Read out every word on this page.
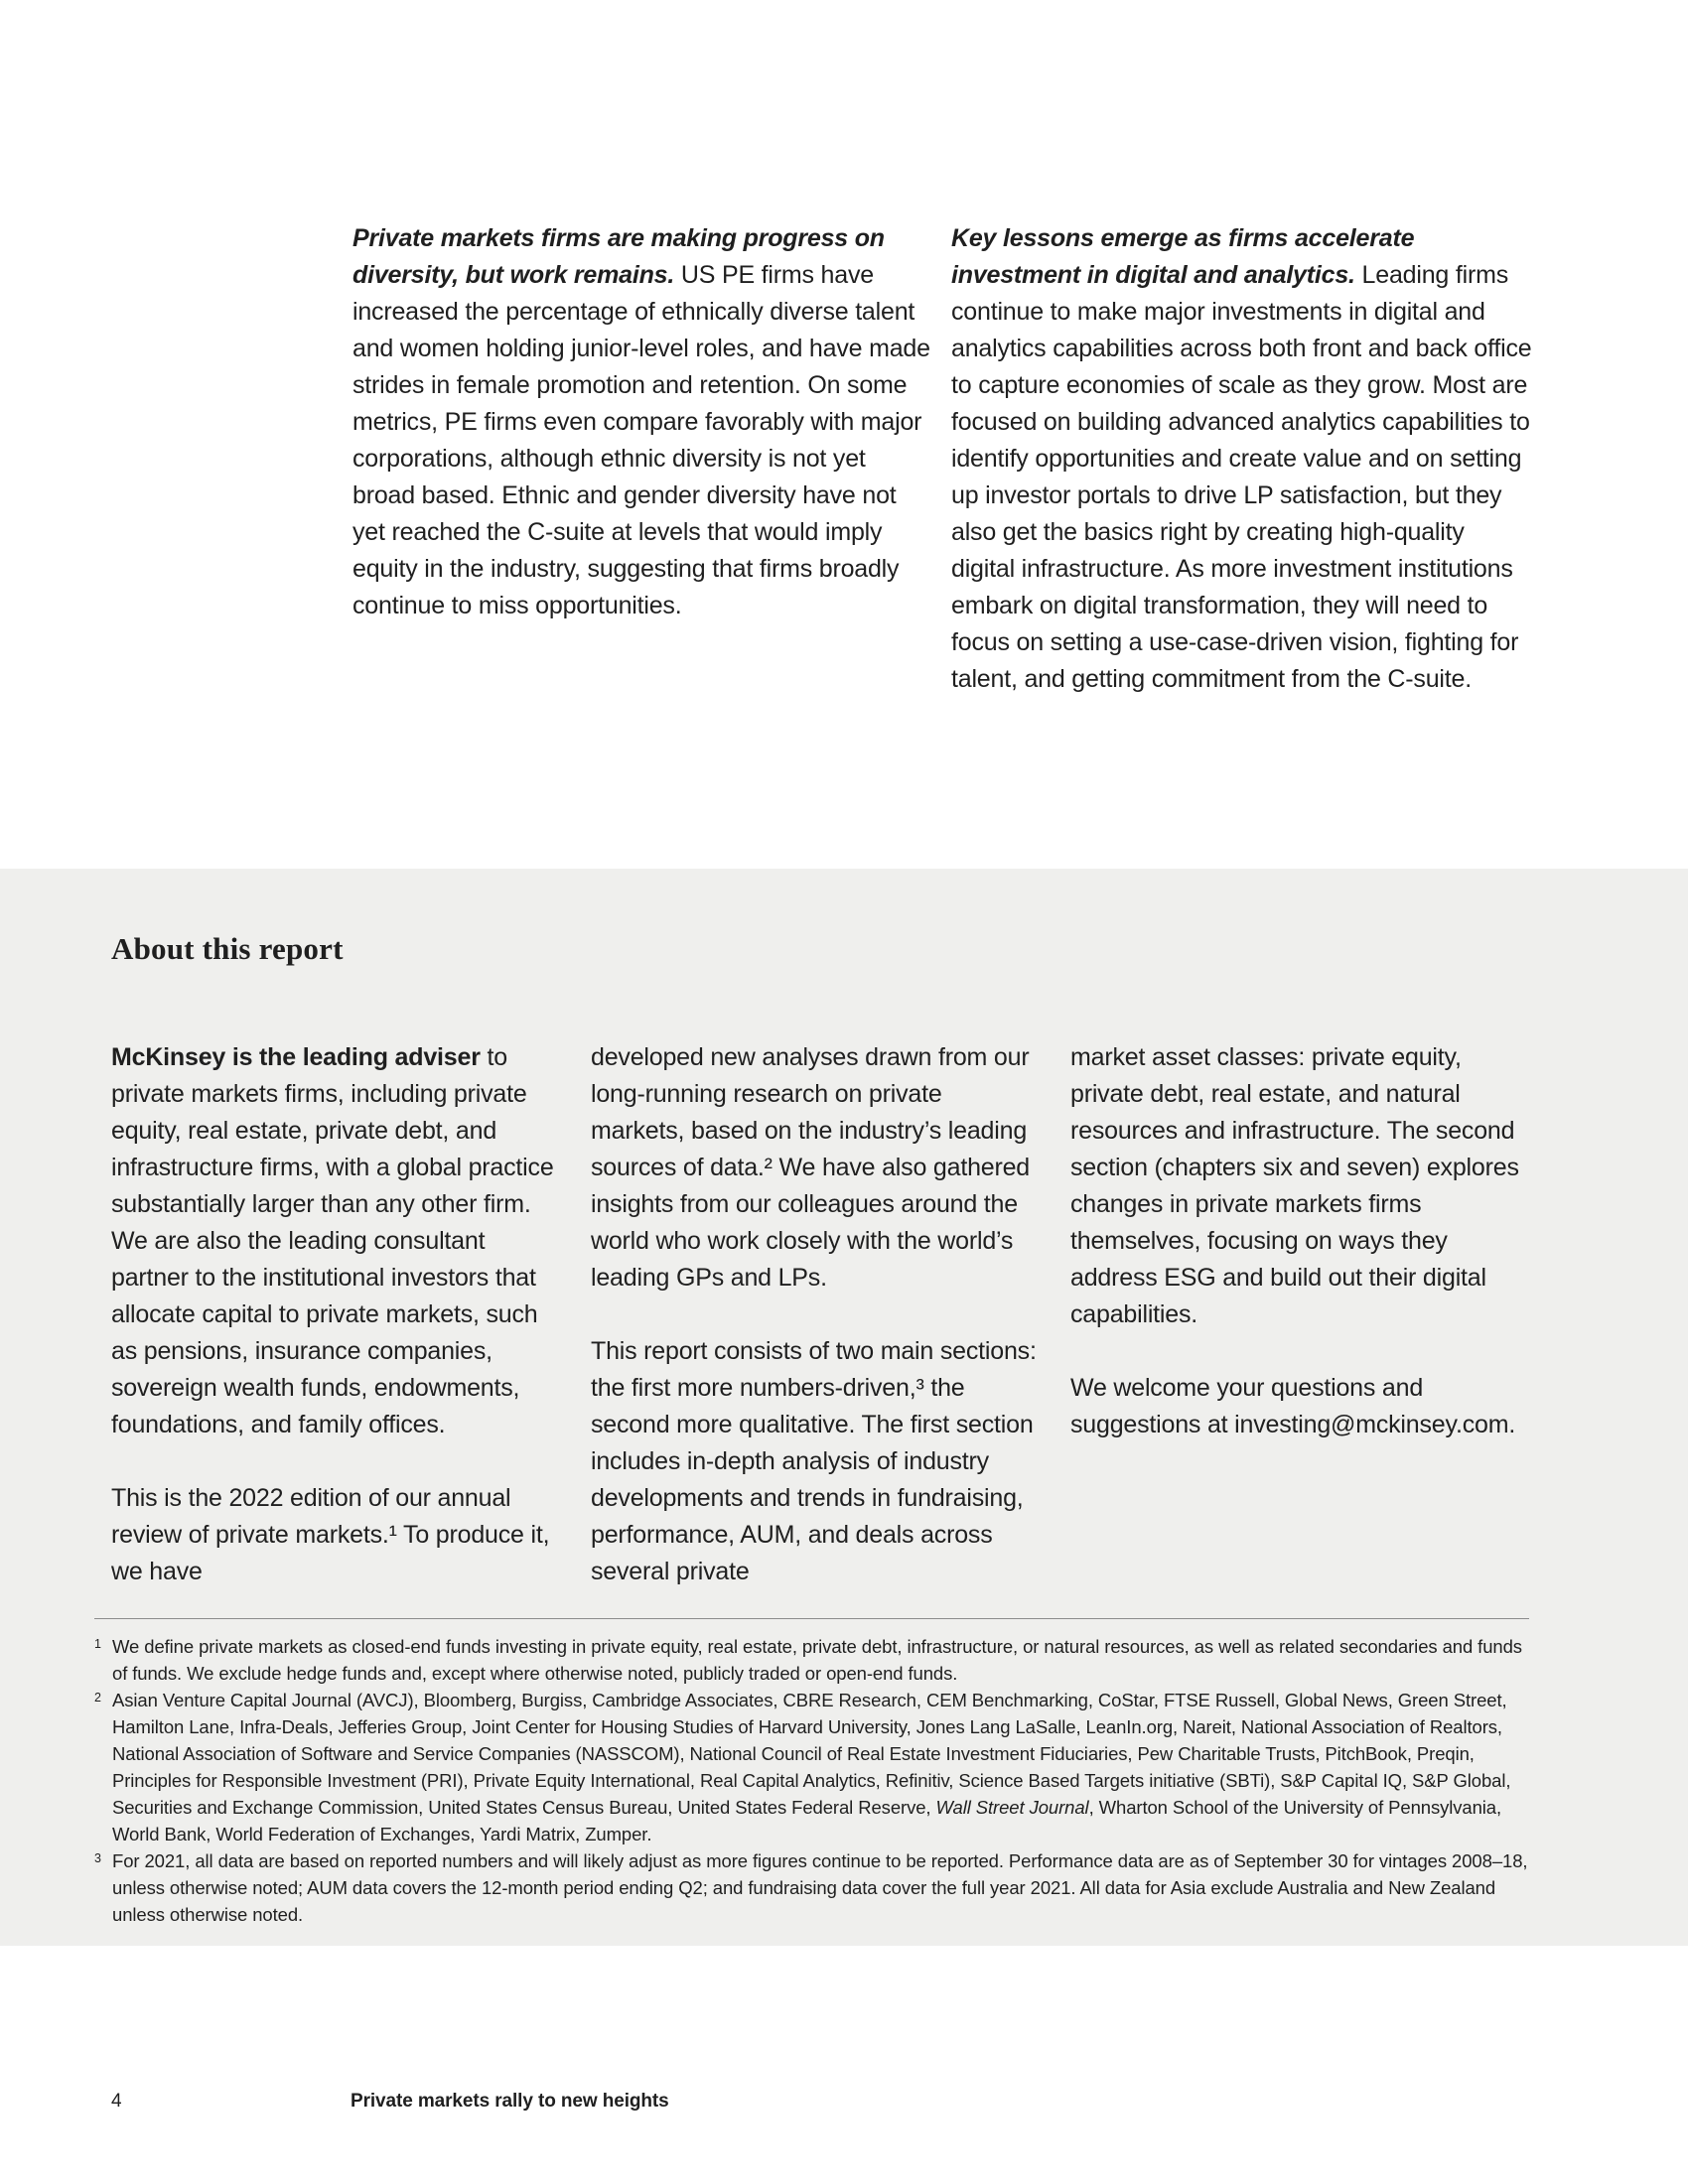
Private markets firms are making progress on diversity, but work remains. US PE firms have increased the percentage of ethnically diverse talent and women holding junior-level roles, and have made strides in female promotion and retention. On some metrics, PE firms even compare favorably with major corporations, although ethnic diversity is not yet broad based. Ethnic and gender diversity have not yet reached the C-suite at levels that would imply equity in the industry, suggesting that firms broadly continue to miss opportunities.

Key lessons emerge as firms accelerate investment in digital and analytics. Leading firms continue to make major investments in digital and analytics capabilities across both front and back office to capture economies of scale as they grow. Most are focused on building advanced analytics capabilities to identify opportunities and create value and on setting up investor portals to drive LP satisfaction, but they also get the basics right by creating high-quality digital infrastructure. As more investment institutions embark on digital transformation, they will need to focus on setting a use-case-driven vision, fighting for talent, and getting commitment from the C-suite.

About this report

McKinsey is the leading adviser to private markets firms, including private equity, real estate, private debt, and infrastructure firms, with a global practice substantially larger than any other firm. We are also the leading consultant partner to the institutional investors that allocate capital to private markets, such as pensions, insurance companies, sovereign wealth funds, endowments, foundations, and family offices.

This is the 2022 edition of our annual review of private markets.¹ To produce it, we have

developed new analyses drawn from our long-running research on private markets, based on the industry’s leading sources of data.² We have also gathered insights from our colleagues around the world who work closely with the world’s leading GPs and LPs.

This report consists of two main sections: the first more numbers-driven,³ the second more qualitative. The first section includes in-depth analysis of industry developments and trends in fundraising, performance, AUM, and deals across several private

market asset classes: private equity, private debt, real estate, and natural resources and infrastructure. The second section (chapters six and seven) explores changes in private markets firms themselves, focusing on ways they address ESG and build out their digital capabilities.

We welcome your questions and suggestions at investing@mckinsey.com.

1 We define private markets as closed-end funds investing in private equity, real estate, private debt, infrastructure, or natural resources, as well as related secondaries and funds of funds. We exclude hedge funds and, except where otherwise noted, publicly traded or open-end funds.

2 Asian Venture Capital Journal (AVCJ), Bloomberg, Burgiss, Cambridge Associates, CBRE Research, CEM Benchmarking, CoStar, FTSE Russell, Global News, Green Street, Hamilton Lane, Infra-Deals, Jefferies Group, Joint Center for Housing Studies of Harvard University, Jones Lang LaSalle, LeanIn.org, Nareit, National Association of Realtors, National Association of Software and Service Companies (NASSCOM), National Council of Real Estate Investment Fiduciaries, Pew Charitable Trusts, PitchBook, Preqin, Principles for Responsible Investment (PRI), Private Equity International, Real Capital Analytics, Refinitiv, Science Based Targets initiative (SBTi), S&P Capital IQ, S&P Global, Securities and Exchange Commission, United States Census Bureau, United States Federal Reserve, Wall Street Journal, Wharton School of the University of Pennsylvania, World Bank, World Federation of Exchanges, Yardi Matrix, Zumper.

3 For 2021, all data are based on reported numbers and will likely adjust as more figures continue to be reported. Performance data are as of September 30 for vintages 2008–18, unless otherwise noted; AUM data covers the 12-month period ending Q2; and fundraising data cover the full year 2021. All data for Asia exclude Australia and New Zealand unless otherwise noted.

4	Private markets rally to new heights
